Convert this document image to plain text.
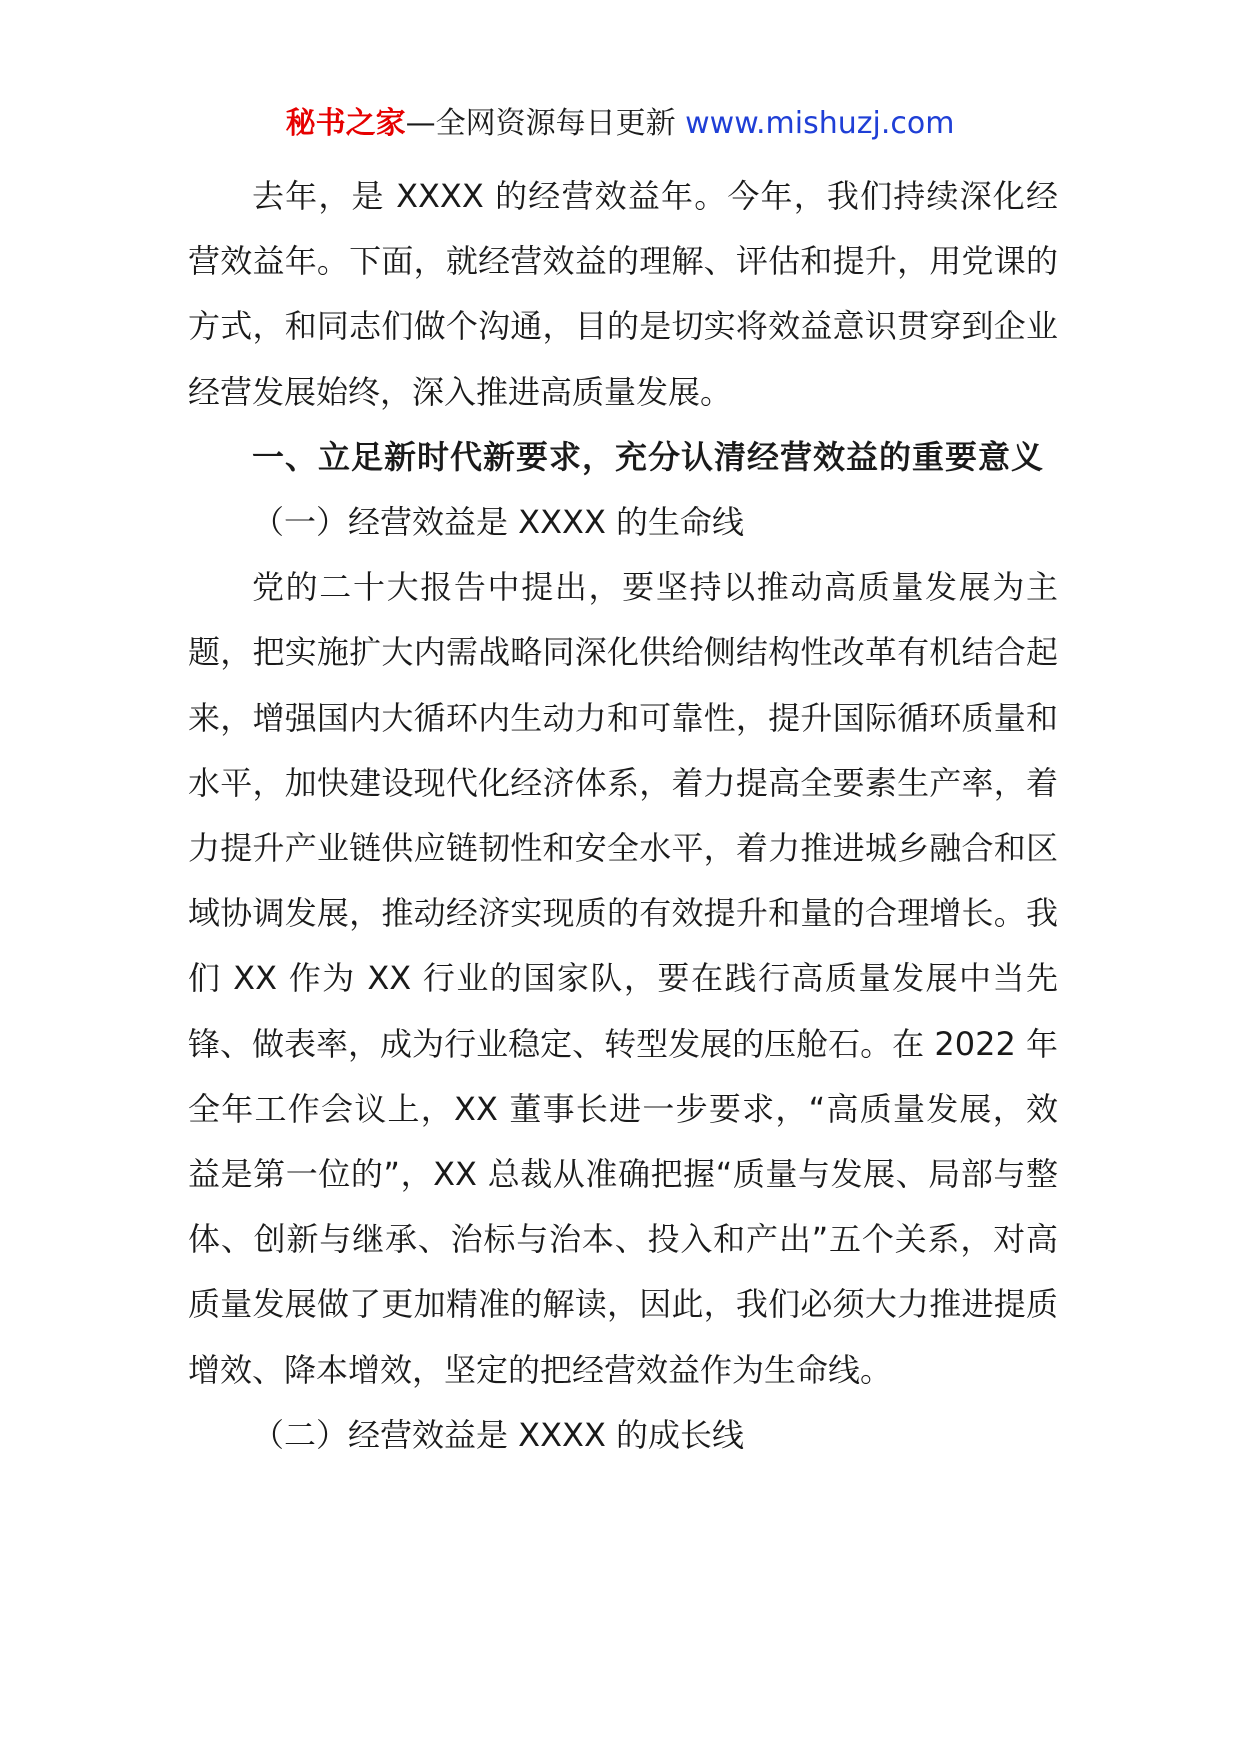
秘书之家—全网资源每日更新 www.mishuzj.com

去年，是 XXXX 的经营效益年。今年，我们持续深化经营效益年。下面，就经营效益的理解、评估和提升，用党课的方式，和同志们做个沟通，目的是切实将效益意识贯穿到企业经营发展始终，深入推进高质量发展。

一、立足新时代新要求，充分认清经营效益的重要意义

（一）经营效益是 XXXX 的生命线

党的二十大报告中提出，要坚持以推动高质量发展为主题，把实施扩大内需战略同深化供给侧结构性改革有机结合起来，增强国内大循环内生动力和可靠性，提升国际循环质量和水平，加快建设现代化经济体系，着力提高全要素生产率，着力提升产业链供应链韧性和安全水平，着力推进城乡融合和区域协调发展，推动经济实现质的有效提升和量的合理增长。我们 XX 作为 XX 行业的国家队，要在践行高质量发展中当先锋、做表率，成为行业稳定、转型发展的压舱石。在 2022 年全年工作会议上，XX 董事长进一步要求，“高质量发展，效益是第一位的”，XX 总裁从准确把握“质量与发展、局部与整体、创新与继承、治标与治本、投入和产出”五个关系，对高质量发展做了更加精准的解读，因此，我们必须大力推进提质增效、降本增效，坚定的把经营效益作为生命线。

（二）经营效益是 XXXX 的成长线
